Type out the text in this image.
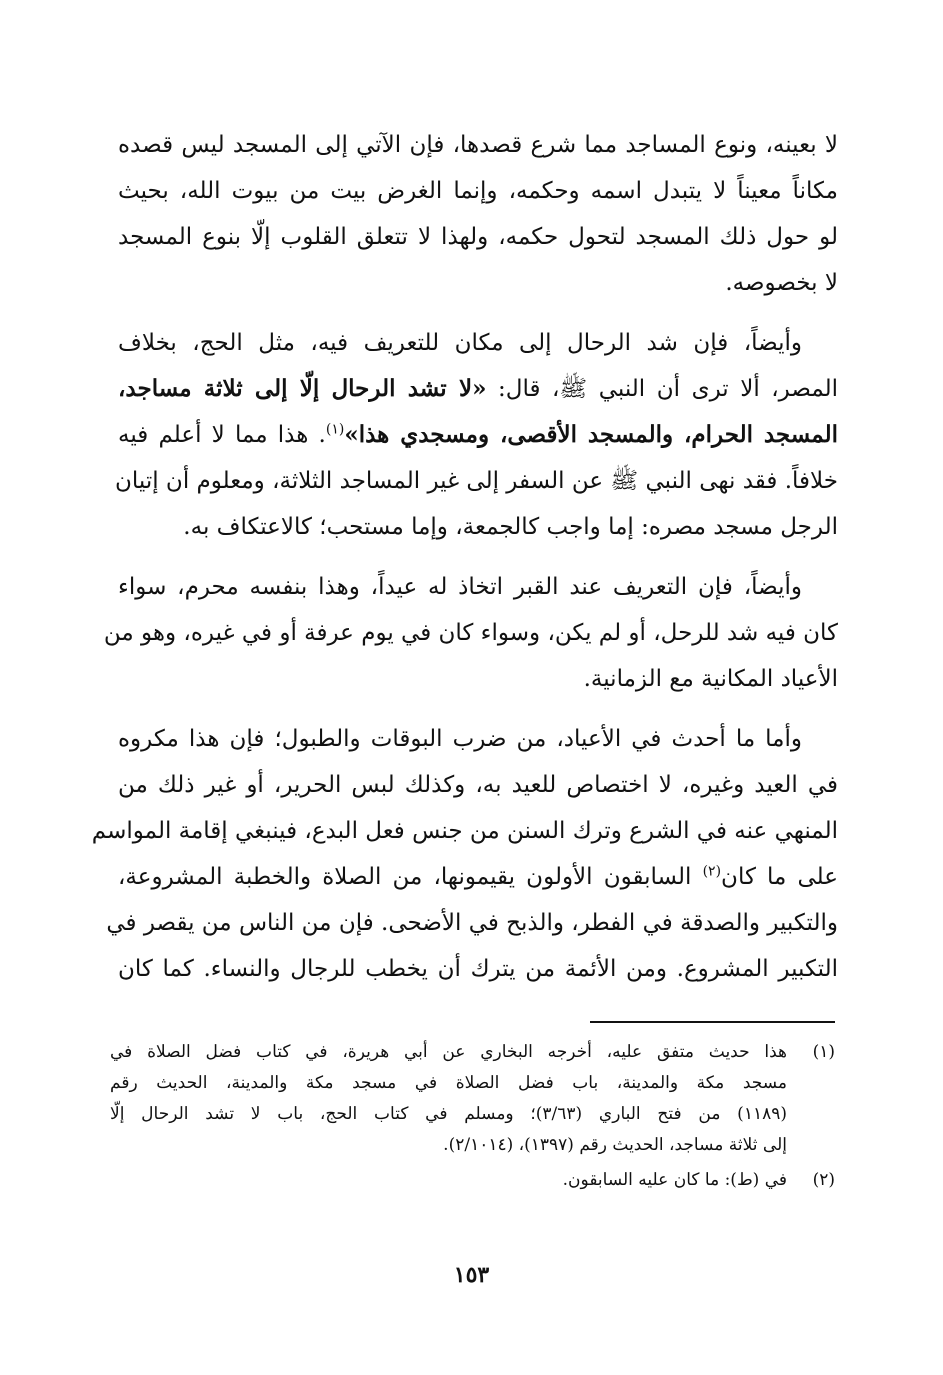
لا بعينه، ونوع المساجد مما شرع قصدها، فإن الآتي إلى المسجد ليس قصده
مكاناً معيناً لا يتبدل اسمه وحكمه، وإنما الغرض بيت من بيوت الله، بحيث
لو حول ذلك المسجد لتحول حكمه، ولهذا لا تتعلق القلوب إلّا بنوع المسجد
لا بخصوصه.

وأيضاً، فإن شد الرحال إلى مكان للتعريف فيه، مثل الحج، بخلاف
المصر، ألا ترى أن النبي ﷺ، قال: «لا تشد الرحال إلّا إلى ثلاثة مساجد،
المسجد الحرام، والمسجد الأقصى، ومسجدي هذا»$^{(١)}$. هذا مما لا أعلم فيه
خلافاً. فقد نهى النبي ﷺ عن السفر إلى غير المساجد الثلاثة، ومعلوم أن إتيان
الرجل مسجد مصره: إما واجب كالجمعة، وإما مستحب؛ كالاعتكاف به.

وأيضاً، فإن التعريف عند القبر اتخاذ له عيداً، وهذا بنفسه محرم، سواء
كان فيه شد للرحل، أو لم يكن، وسواء كان في يوم عرفة أو في غيره، وهو من
الأعياد المكانية مع الزمانية.

وأما ما أحدث في الأعياد، من ضرب البوقات والطبول؛ فإن هذا مكروه
في العيد وغيره، لا اختصاص للعيد به، وكذلك لبس الحرير، أو غير ذلك من
المنهي عنه في الشرع وترك السنن من جنس فعل البدع، فينبغي إقامة المواسم
على ما كان$^{(٢)}$ السابقون الأولون يقيمونها، من الصلاة والخطبة المشروعة،
والتكبير والصدقة في الفطر، والذبح في الأضحى. فإن من الناس من يقصر في
التكبير المشروع. ومن الأئمة من يترك أن يخطب للرجال والنساء. كما كان

(١)
هذا حديث متفق عليه، أخرجه البخاري عن أبي هريرة، في كتاب فضل الصلاة في
مسجد مكة والمدينة، باب فضل الصلاة في مسجد مكة والمدينة، الحديث رقم
(١١٨٩) من فتح الباري (٣/٦٣)؛ ومسلم في كتاب الحج، باب لا تشد الرحال إلّا
إلى ثلاثة مساجد، الحديث رقم (١٣٩٧)، (٢/١٠١٤).
(٢)
في (ط): ما كان عليه السابقون.
١٥٣
